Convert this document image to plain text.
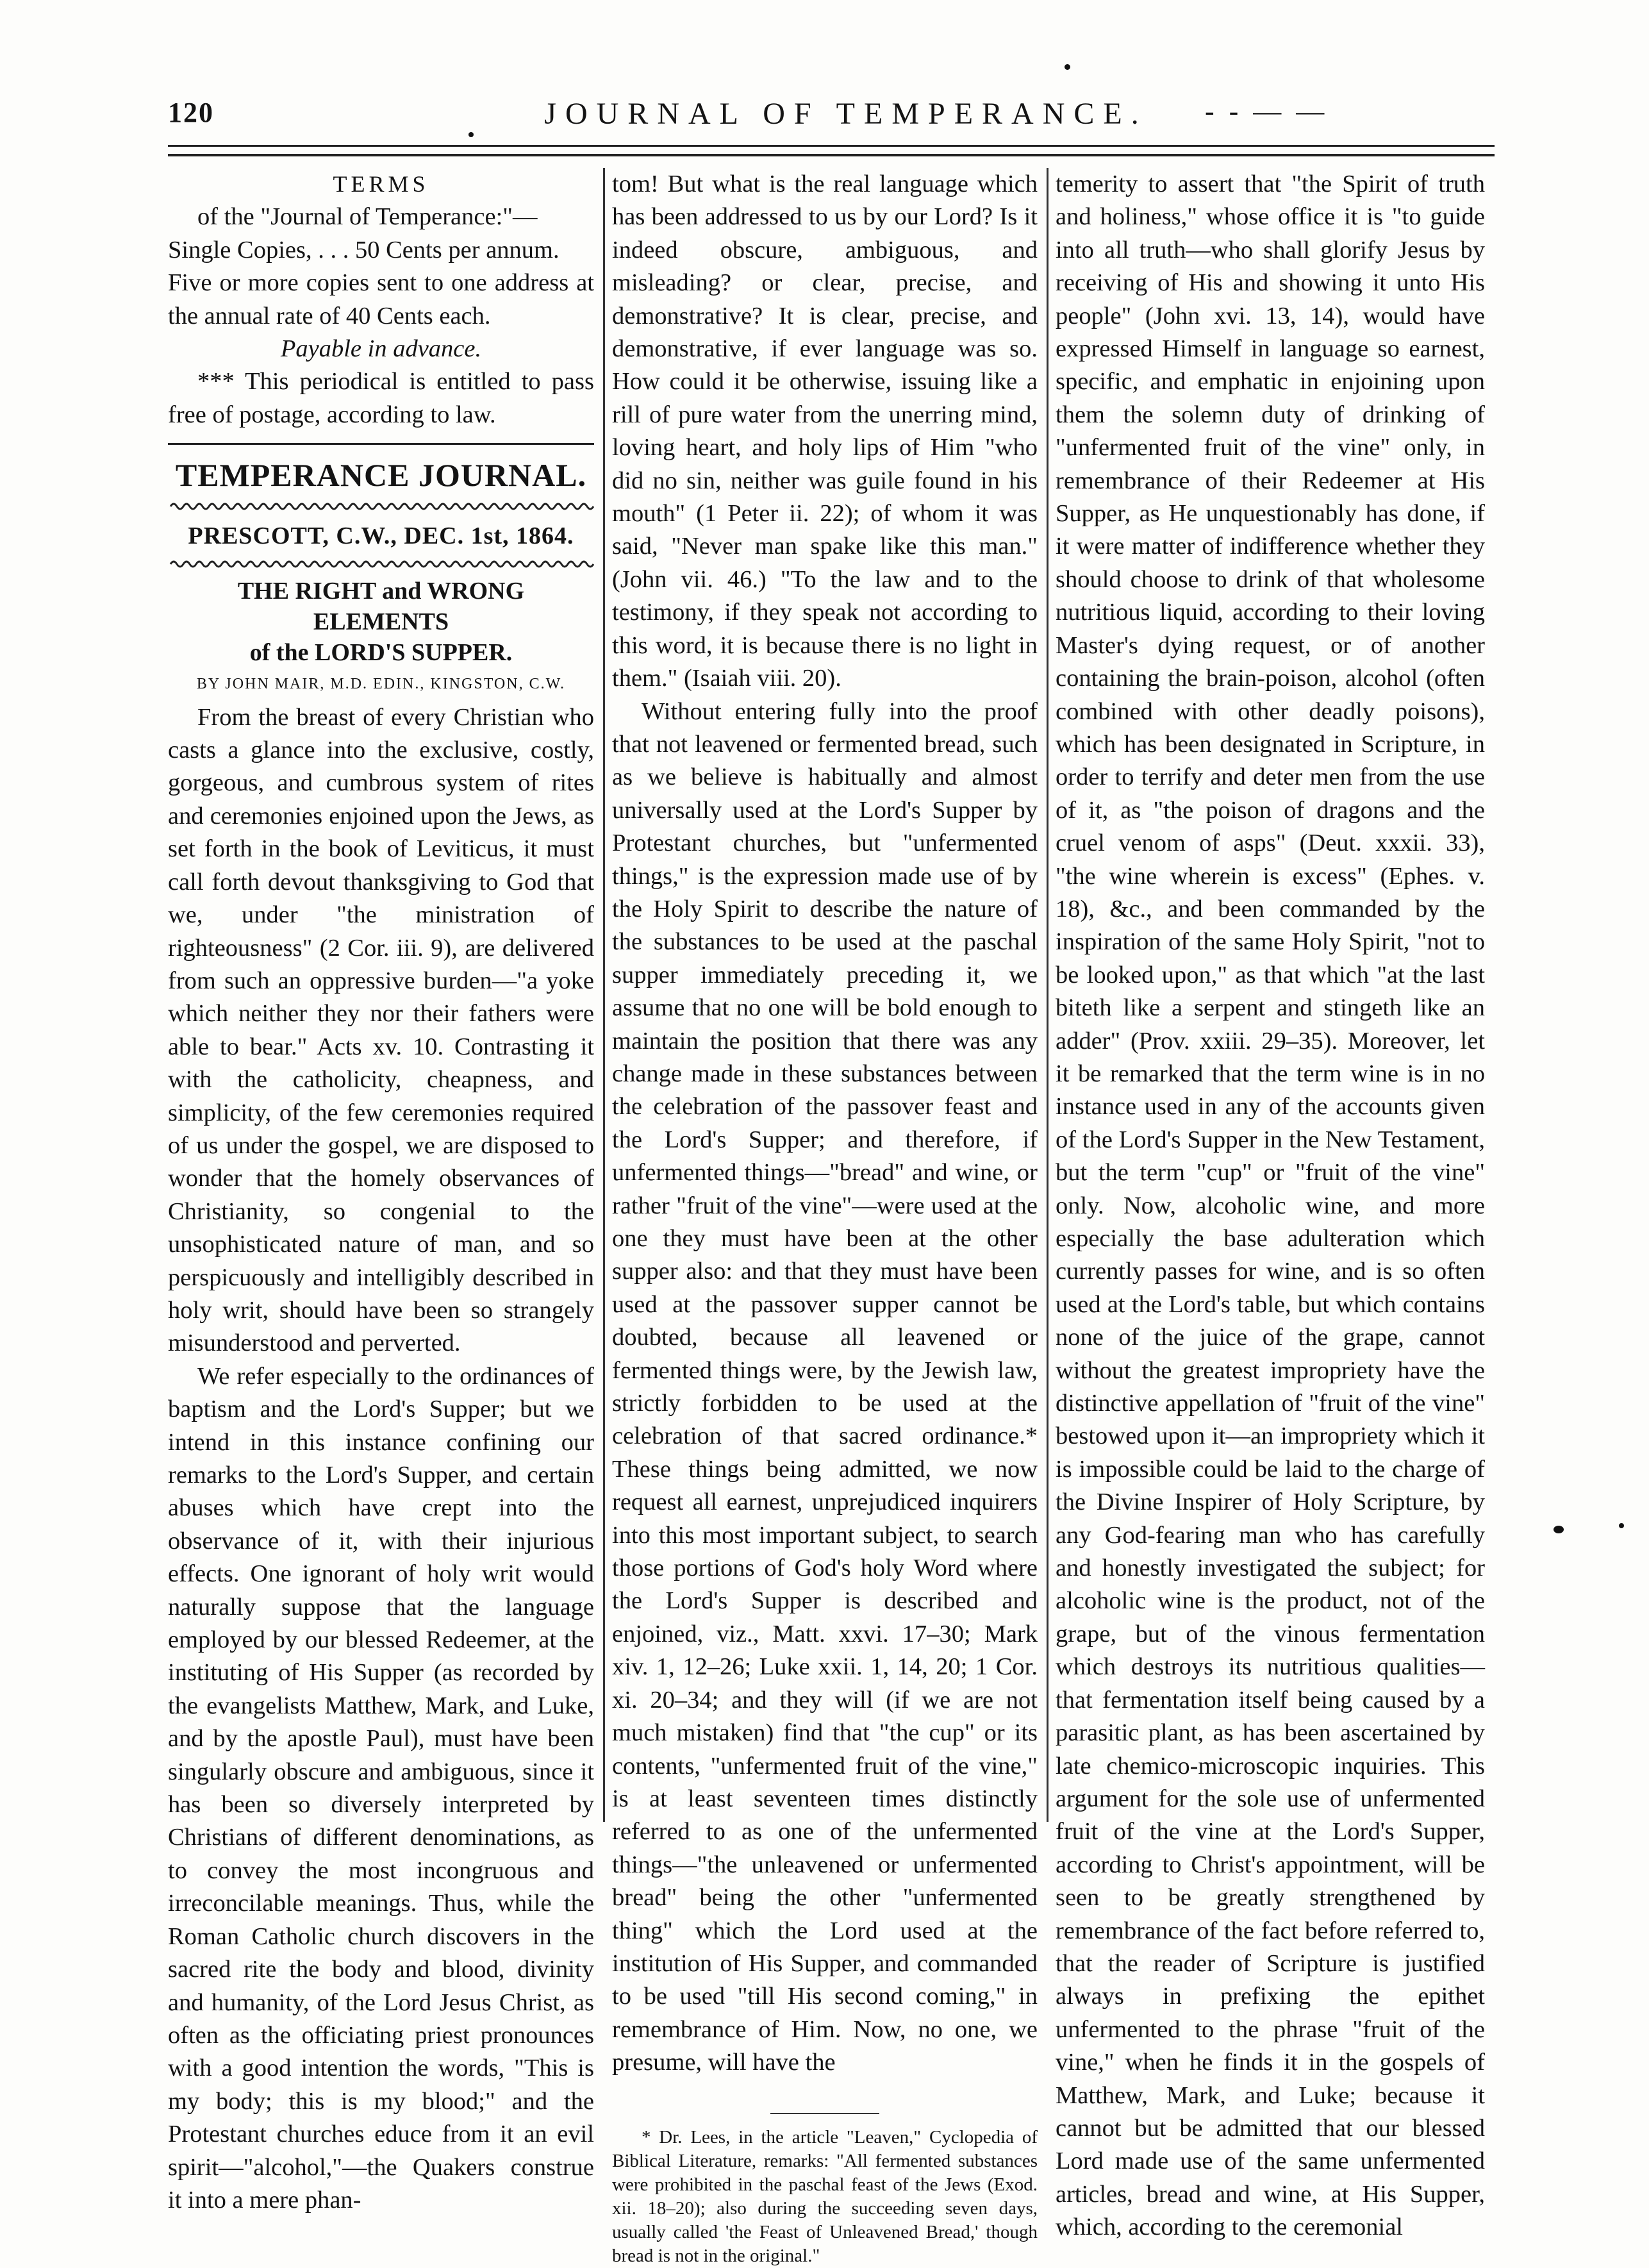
120	JOURNAL OF TEMPERANCE.	- - — —

TERMS

of the "Journal of Temperance:"—

Single Copies, . . . 50 Cents per annum.

Five or more copies sent to one address at the annual rate of 40 Cents each.

Payable in advance.

*** This periodical is entitled to pass free of postage, according to law.

TEMPERANCE JOURNAL.

PRESCOTT, C.W., DEC. 1st, 1864.

THE RIGHT and WRONG ELEMENTS

of the LORD'S SUPPER.

BY JOHN MAIR, M.D. EDIN., KINGSTON, C.W.

From the breast of every Christian who casts a glance into the exclusive, costly, gorgeous, and cumbrous system of rites and ceremonies enjoined upon the Jews, as set forth in the book of Leviticus, it must call forth devout thanksgiving to God that we, under "the ministration of righteousness" (2 Cor. iii. 9), are delivered from such an oppressive burden—"a yoke which neither they nor their fathers were able to bear." Acts xv. 10. Contrasting it with the catholicity, cheapness, and simplicity, of the few ceremonies required of us under the gospel, we are disposed to wonder that the homely observances of Christianity, so congenial to the unsophisticated nature of man, and so perspicuously and intelligibly described in holy writ, should have been so strangely misunderstood and perverted.

We refer especially to the ordinances of baptism and the Lord's Supper; but we intend in this instance confining our remarks to the Lord's Supper, and certain abuses which have crept into the observance of it, with their injurious effects. One ignorant of holy writ would naturally suppose that the language employed by our blessed Redeemer, at the instituting of His Supper (as recorded by the evangelists Matthew, Mark, and Luke, and by the apostle Paul), must have been singularly obscure and ambiguous, since it has been so diversely interpreted by Christians of different denominations, as to convey the most incongruous and irreconcilable meanings. Thus, while the Roman Catholic church discovers in the sacred rite the body and blood, divinity and humanity, of the Lord Jesus Christ, as often as the officiating priest pronounces with a good intention the words, "This is my body; this is my blood;" and the Protestant churches educe from it an evil spirit—"alcohol,"—the Quakers construe it into a mere phan-

tom! But what is the real language which has been addressed to us by our Lord? Is it indeed obscure, ambiguous, and misleading? or clear, precise, and demonstrative? It is clear, precise, and demonstrative, if ever language was so. How could it be otherwise, issuing like a rill of pure water from the unerring mind, loving heart, and holy lips of Him "who did no sin, neither was guile found in his mouth" (1 Peter ii. 22); of whom it was said, "Never man spake like this man." (John vii. 46.) "To the law and to the testimony, if they speak not according to this word, it is because there is no light in them." (Isaiah viii. 20).

Without entering fully into the proof that not leavened or fermented bread, such as we believe is habitually and almost universally used at the Lord's Supper by Protestant churches, but "unfermented things," is the expression made use of by the Holy Spirit to describe the nature of the substances to be used at the paschal supper immediately preceding it, we assume that no one will be bold enough to maintain the position that there was any change made in these substances between the celebration of the passover feast and the Lord's Supper; and therefore, if unfermented things—"bread" and wine, or rather "fruit of the vine"—were used at the one they must have been at the other supper also: and that they must have been used at the passover supper cannot be doubted, because all leavened or fermented things were, by the Jewish law, strictly forbidden to be used at the celebration of that sacred ordinance.* These things being admitted, we now request all earnest, unprejudiced inquirers into this most important subject, to search those portions of God's holy Word where the Lord's Supper is described and enjoined, viz., Matt. xxvi. 17–30; Mark xiv. 1, 12–26; Luke xxii. 1, 14, 20; 1 Cor. xi. 20–34; and they will (if we are not much mistaken) find that "the cup" or its contents, "unfermented fruit of the vine," is at least seventeen times distinctly referred to as one of the unfermented things—"the unleavened or unfermented bread" being the other "unfermented thing" which the Lord used at the institution of His Supper, and commanded to be used "till His second coming," in remembrance of Him. Now, no one, we presume, will have the

* Dr. Lees, in the article "Leaven," Cyclopedia of Biblical Literature, remarks: "All fermented substances were prohibited in the paschal feast of the Jews (Exod. xii. 18–20); also during the succeeding seven days, usually called 'the Feast of Unleavened Bread,' though bread is not in the original."

temerity to assert that "the Spirit of truth and holiness," whose office it is "to guide into all truth—who shall glorify Jesus by receiving of His and showing it unto His people" (John xvi. 13, 14), would have expressed Himself in language so earnest, specific, and emphatic in enjoining upon them the solemn duty of drinking of "unfermented fruit of the vine" only, in remembrance of their Redeemer at His Supper, as He unquestionably has done, if it were matter of indifference whether they should choose to drink of that wholesome nutritious liquid, according to their loving Master's dying request, or of another containing the brain-poison, alcohol (often combined with other deadly poisons), which has been designated in Scripture, in order to terrify and deter men from the use of it, as "the poison of dragons and the cruel venom of asps" (Deut. xxxii. 33), "the wine wherein is excess" (Ephes. v. 18), &c., and been commanded by the inspiration of the same Holy Spirit, "not to be looked upon," as that which "at the last biteth like a serpent and stingeth like an adder" (Prov. xxiii. 29–35). Moreover, let it be remarked that the term wine is in no instance used in any of the accounts given of the Lord's Supper in the New Testament, but the term "cup" or "fruit of the vine" only. Now, alcoholic wine, and more especially the base adulteration which currently passes for wine, and is so often used at the Lord's table, but which contains none of the juice of the grape, cannot without the greatest impropriety have the distinctive appellation of "fruit of the vine" bestowed upon it—an impropriety which it is impossible could be laid to the charge of the Divine Inspirer of Holy Scripture, by any God-fearing man who has carefully and honestly investigated the subject; for alcoholic wine is the product, not of the grape, but of the vinous fermentation which destroys its nutritious qualities—that fermentation itself being caused by a parasitic plant, as has been ascertained by late chemico-microscopic inquiries. This argument for the sole use of unfermented fruit of the vine at the Lord's Supper, according to Christ's appointment, will be seen to be greatly strengthened by remembrance of the fact before referred to, that the reader of Scripture is justified always in prefixing the epithet unfermented to the phrase "fruit of the vine," when he finds it in the gospels of Matthew, Mark, and Luke; because it cannot but be admitted that our blessed Lord made use of the same unfermented articles, bread and wine, at His Supper, which, according to the ceremonial
